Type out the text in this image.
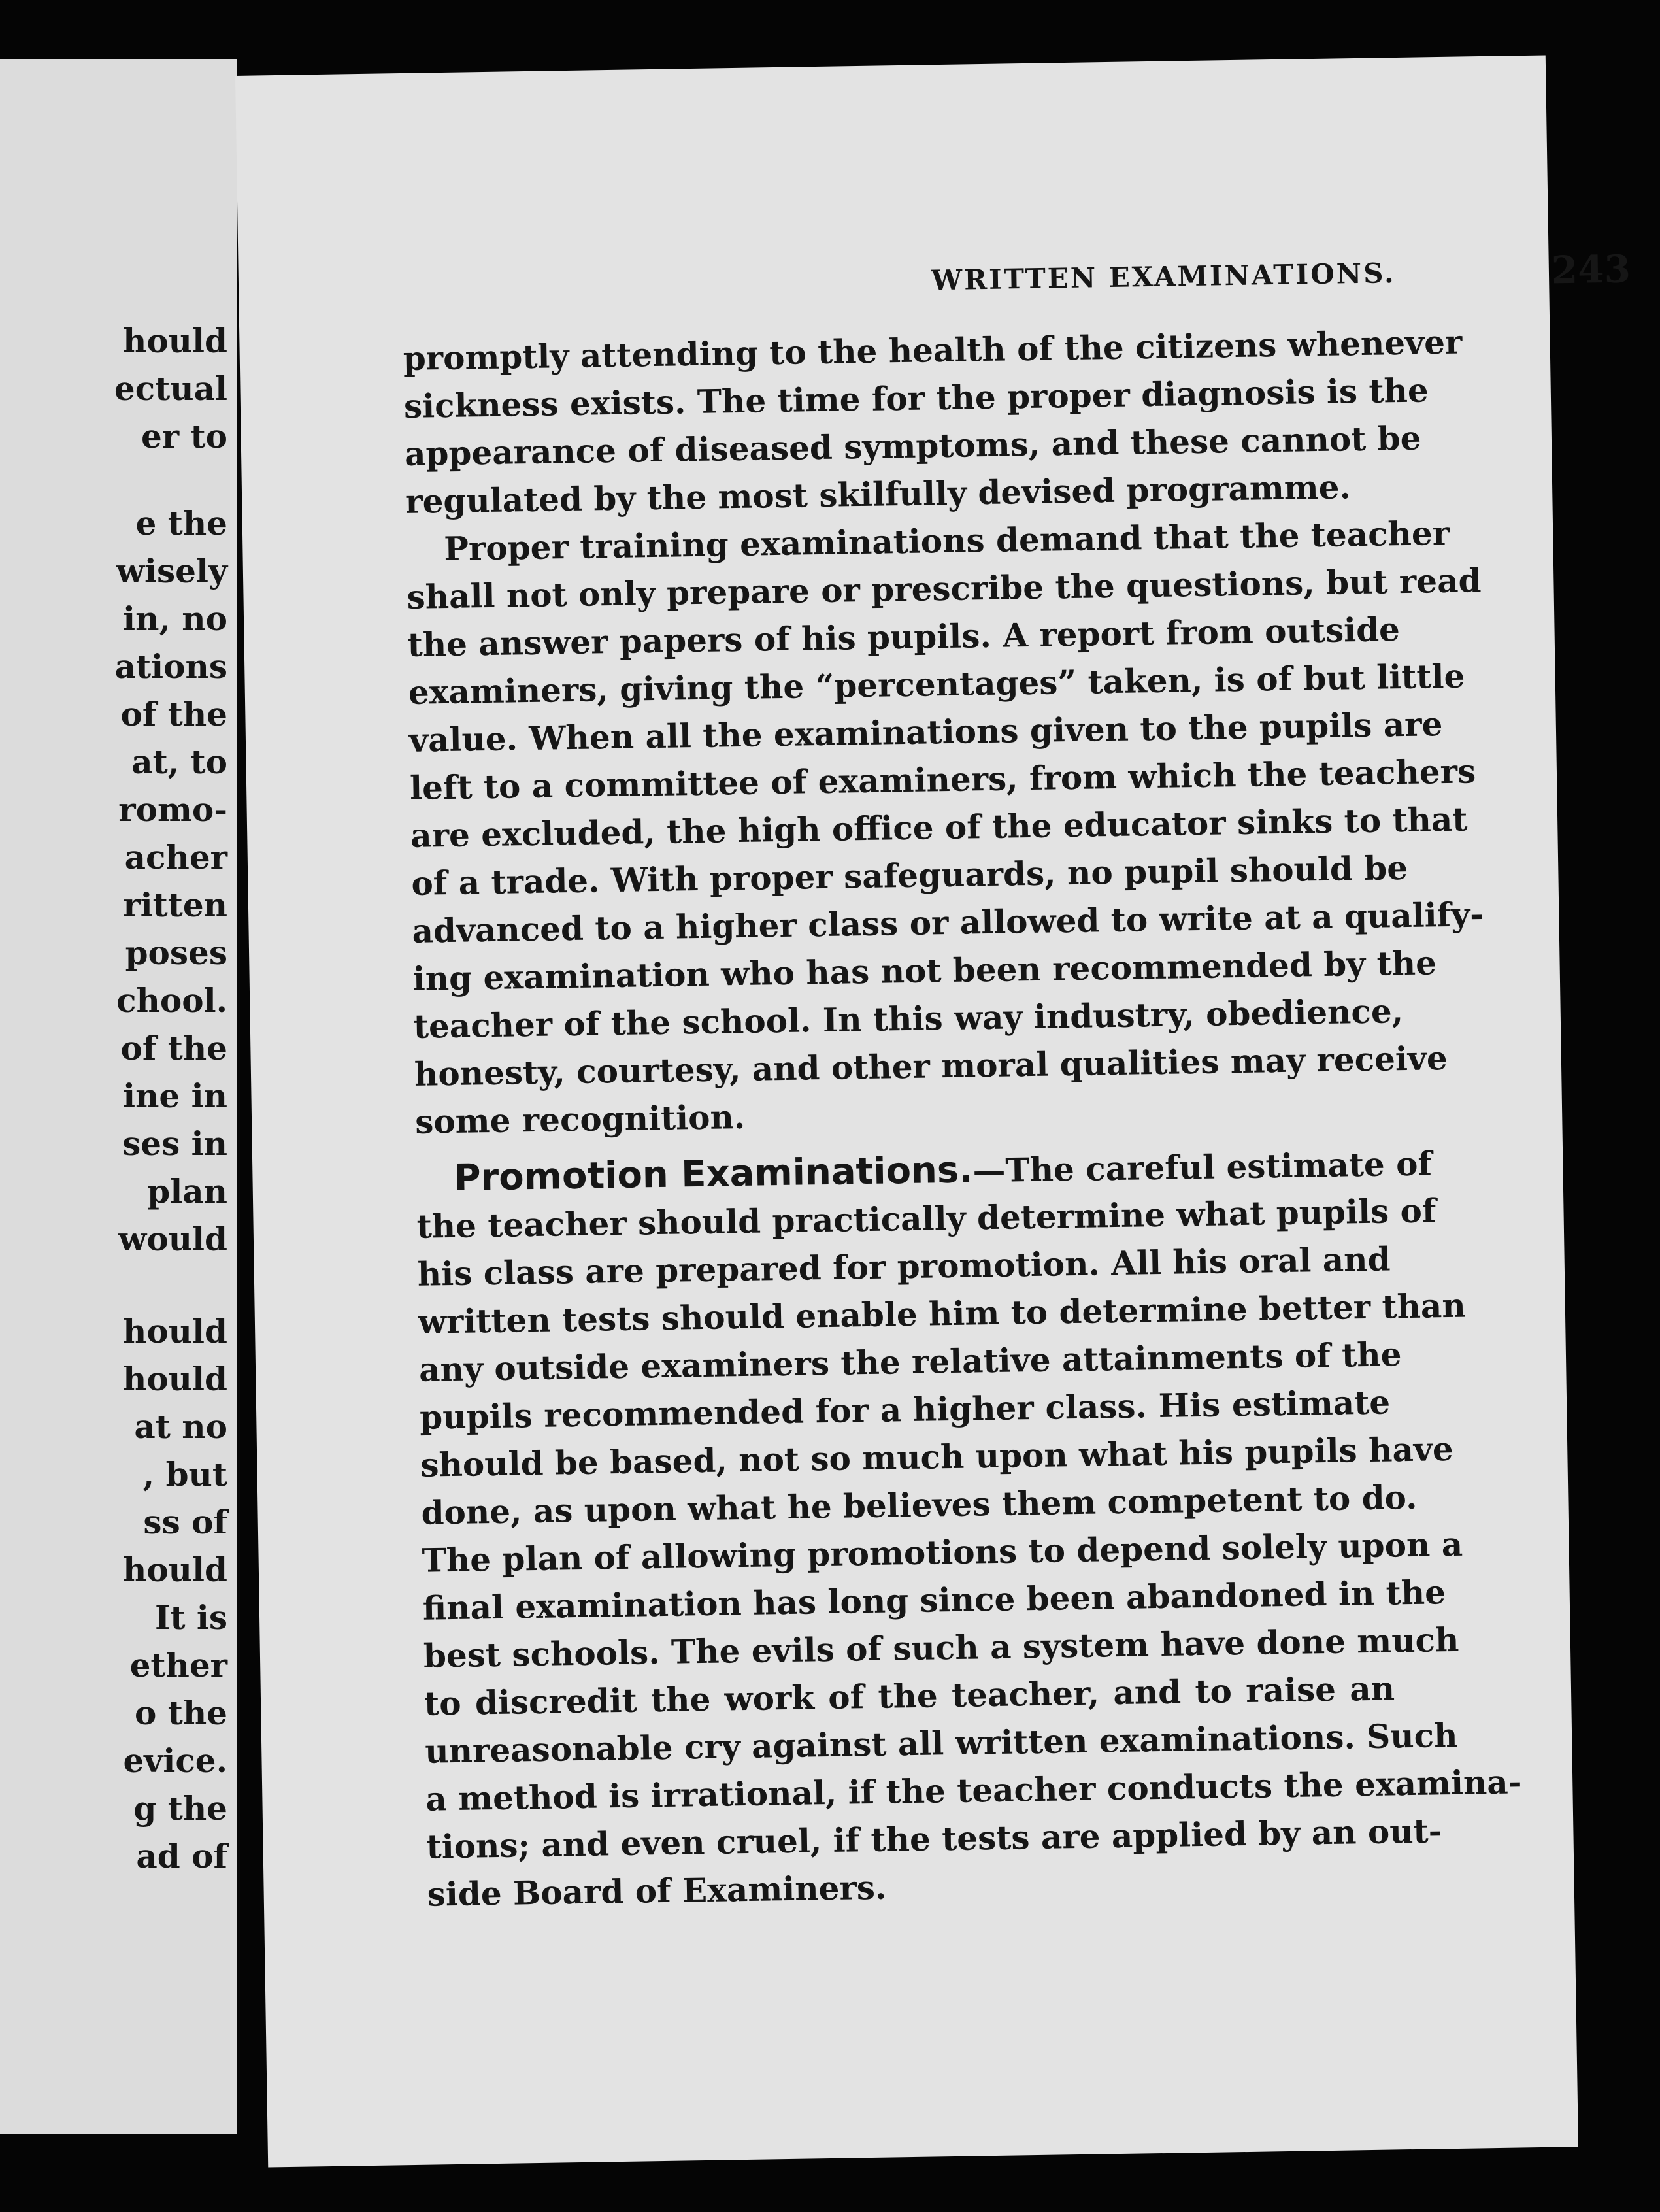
hould
ectual
er to
e the
wisely
in, no
ations
of the
at, to
romo-
acher
ritten
poses
chool.
of the
ine in
ses in
plan
would
hould
hould
at no
, but
ss of
hould
It is
ether
o the
evice.
g the
ad of
WRITTEN EXAMINATIONS.	243

promptly attending to the health of the citizens whenever
sickness exists. The time for the proper diagnosis is the
appearance of diseased symptoms, and these cannot be
regulated by the most skilfully devised programme.

Proper training examinations demand that the teacher
shall not only prepare or prescribe the questions, but read
the answer papers of his pupils. A report from outside
examiners, giving the “percentages” taken, is of but little
value. When all the examinations given to the pupils are
left to a committee of examiners, from which the teachers
are excluded, the high office of the educator sinks to that
of a trade. With proper safeguards, no pupil should be
advanced to a higher class or allowed to write at a qualify-
ing examination who has not been recommended by the
teacher of the school. In this way industry, obedience,
honesty, courtesy, and other moral qualities may receive
some recognition.

Promotion Examinations.—The careful estimate of
the teacher should practically determine what pupils of
his class are prepared for promotion. All his oral and
written tests should enable him to determine better than
any outside examiners the relative attainments of the
pupils recommended for a higher class. His estimate
should be based, not so much upon what his pupils have
done, as upon what he believes them competent to do.
The plan of allowing promotions to depend solely upon a
final examination has long since been abandoned in the
best schools. The evils of such a system have done much
to discredit the work of the teacher, and to raise an
unreasonable cry against all written examinations. Such
a method is irrational, if the teacher conducts the examina-
tions; and even cruel, if the tests are applied by an out-
side Board of Examiners.
